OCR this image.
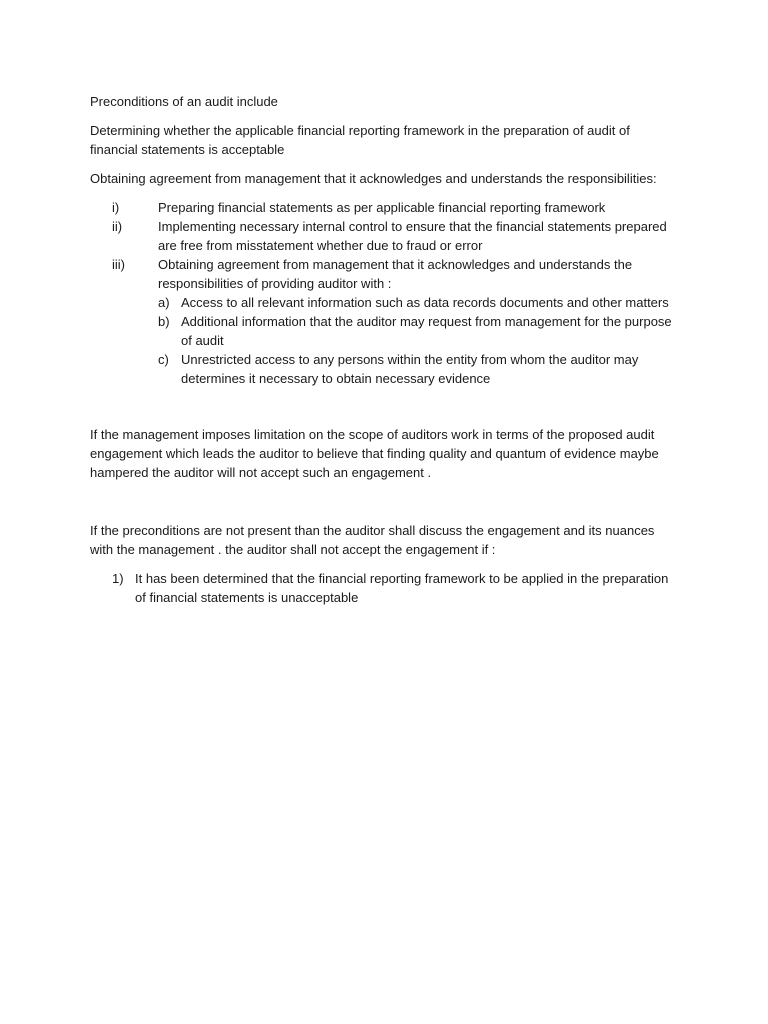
Preconditions of an audit include

Determining whether the applicable financial reporting framework in the preparation of audit of financial statements is acceptable

Obtaining agreement from management that it acknowledges and understands the responsibilities:

i)	Preparing financial statements as per applicable financial reporting framework
ii)	Implementing necessary internal control to ensure that the financial statements prepared are free from misstatement whether due to fraud or error
iii)	Obtaining agreement from management that it acknowledges and understands the responsibilities of providing auditor with :
a) Access to all relevant information such as data records documents and other matters
b) Additional information that the auditor may request from management for the purpose of audit
c) Unrestricted access to any persons within the entity from whom the auditor may determines it necessary to obtain necessary evidence

If the management imposes limitation on the scope of auditors work in terms of the proposed audit engagement which leads the auditor to believe that finding quality and quantum of evidence maybe hampered the auditor will not accept such an engagement .

If the preconditions are not present than the auditor shall discuss the engagement and its nuances with the management . the auditor shall not accept the engagement if :

1) It has been determined that the financial reporting framework to be applied in the preparation of financial statements is unacceptable
